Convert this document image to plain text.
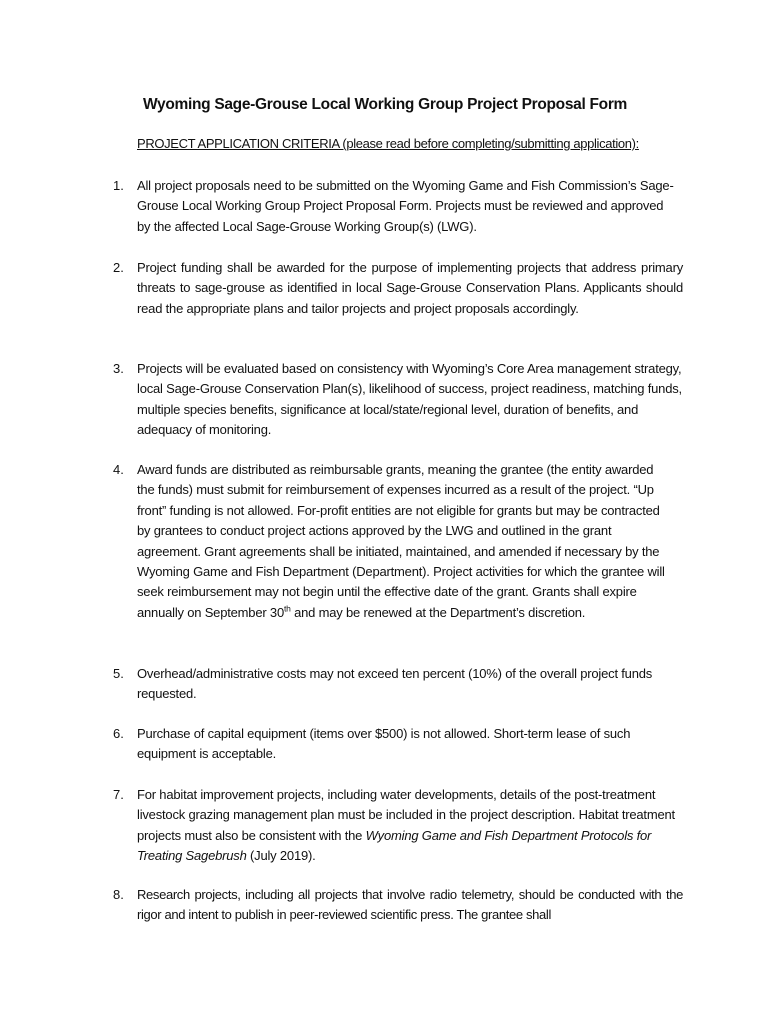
Wyoming Sage-Grouse Local Working Group Project Proposal Form
PROJECT APPLICATION CRITERIA (please read before completing/submitting application):
1. All project proposals need to be submitted on the Wyoming Game and Fish Commission’s Sage-Grouse Local Working Group Project Proposal Form. Projects must be reviewed and approved by the affected Local Sage-Grouse Working Group(s) (LWG).
2. Project funding shall be awarded for the purpose of implementing projects that address primary threats to sage-grouse as identified in local Sage-Grouse Conservation Plans. Applicants should read the appropriate plans and tailor projects and project proposals accordingly.
3. Projects will be evaluated based on consistency with Wyoming’s Core Area management strategy, local Sage-Grouse Conservation Plan(s), likelihood of success, project readiness, matching funds, multiple species benefits, significance at local/state/regional level, duration of benefits, and adequacy of monitoring.
4. Award funds are distributed as reimbursable grants, meaning the grantee (the entity awarded the funds) must submit for reimbursement of expenses incurred as a result of the project. “Up front” funding is not allowed. For-profit entities are not eligible for grants but may be contracted by grantees to conduct project actions approved by the LWG and outlined in the grant agreement. Grant agreements shall be initiated, maintained, and amended if necessary by the Wyoming Game and Fish Department (Department). Project activities for which the grantee will seek reimbursement may not begin until the effective date of the grant. Grants shall expire annually on September 30th and may be renewed at the Department’s discretion.
5. Overhead/administrative costs may not exceed ten percent (10%) of the overall project funds requested.
6. Purchase of capital equipment (items over $500) is not allowed. Short-term lease of such equipment is acceptable.
7. For habitat improvement projects, including water developments, details of the post-treatment livestock grazing management plan must be included in the project description. Habitat treatment projects must also be consistent with the Wyoming Game and Fish Department Protocols for Treating Sagebrush (July 2019).
8. Research projects, including all projects that involve radio telemetry, should be conducted with the rigor and intent to publish in peer-reviewed scientific press. The grantee shall
